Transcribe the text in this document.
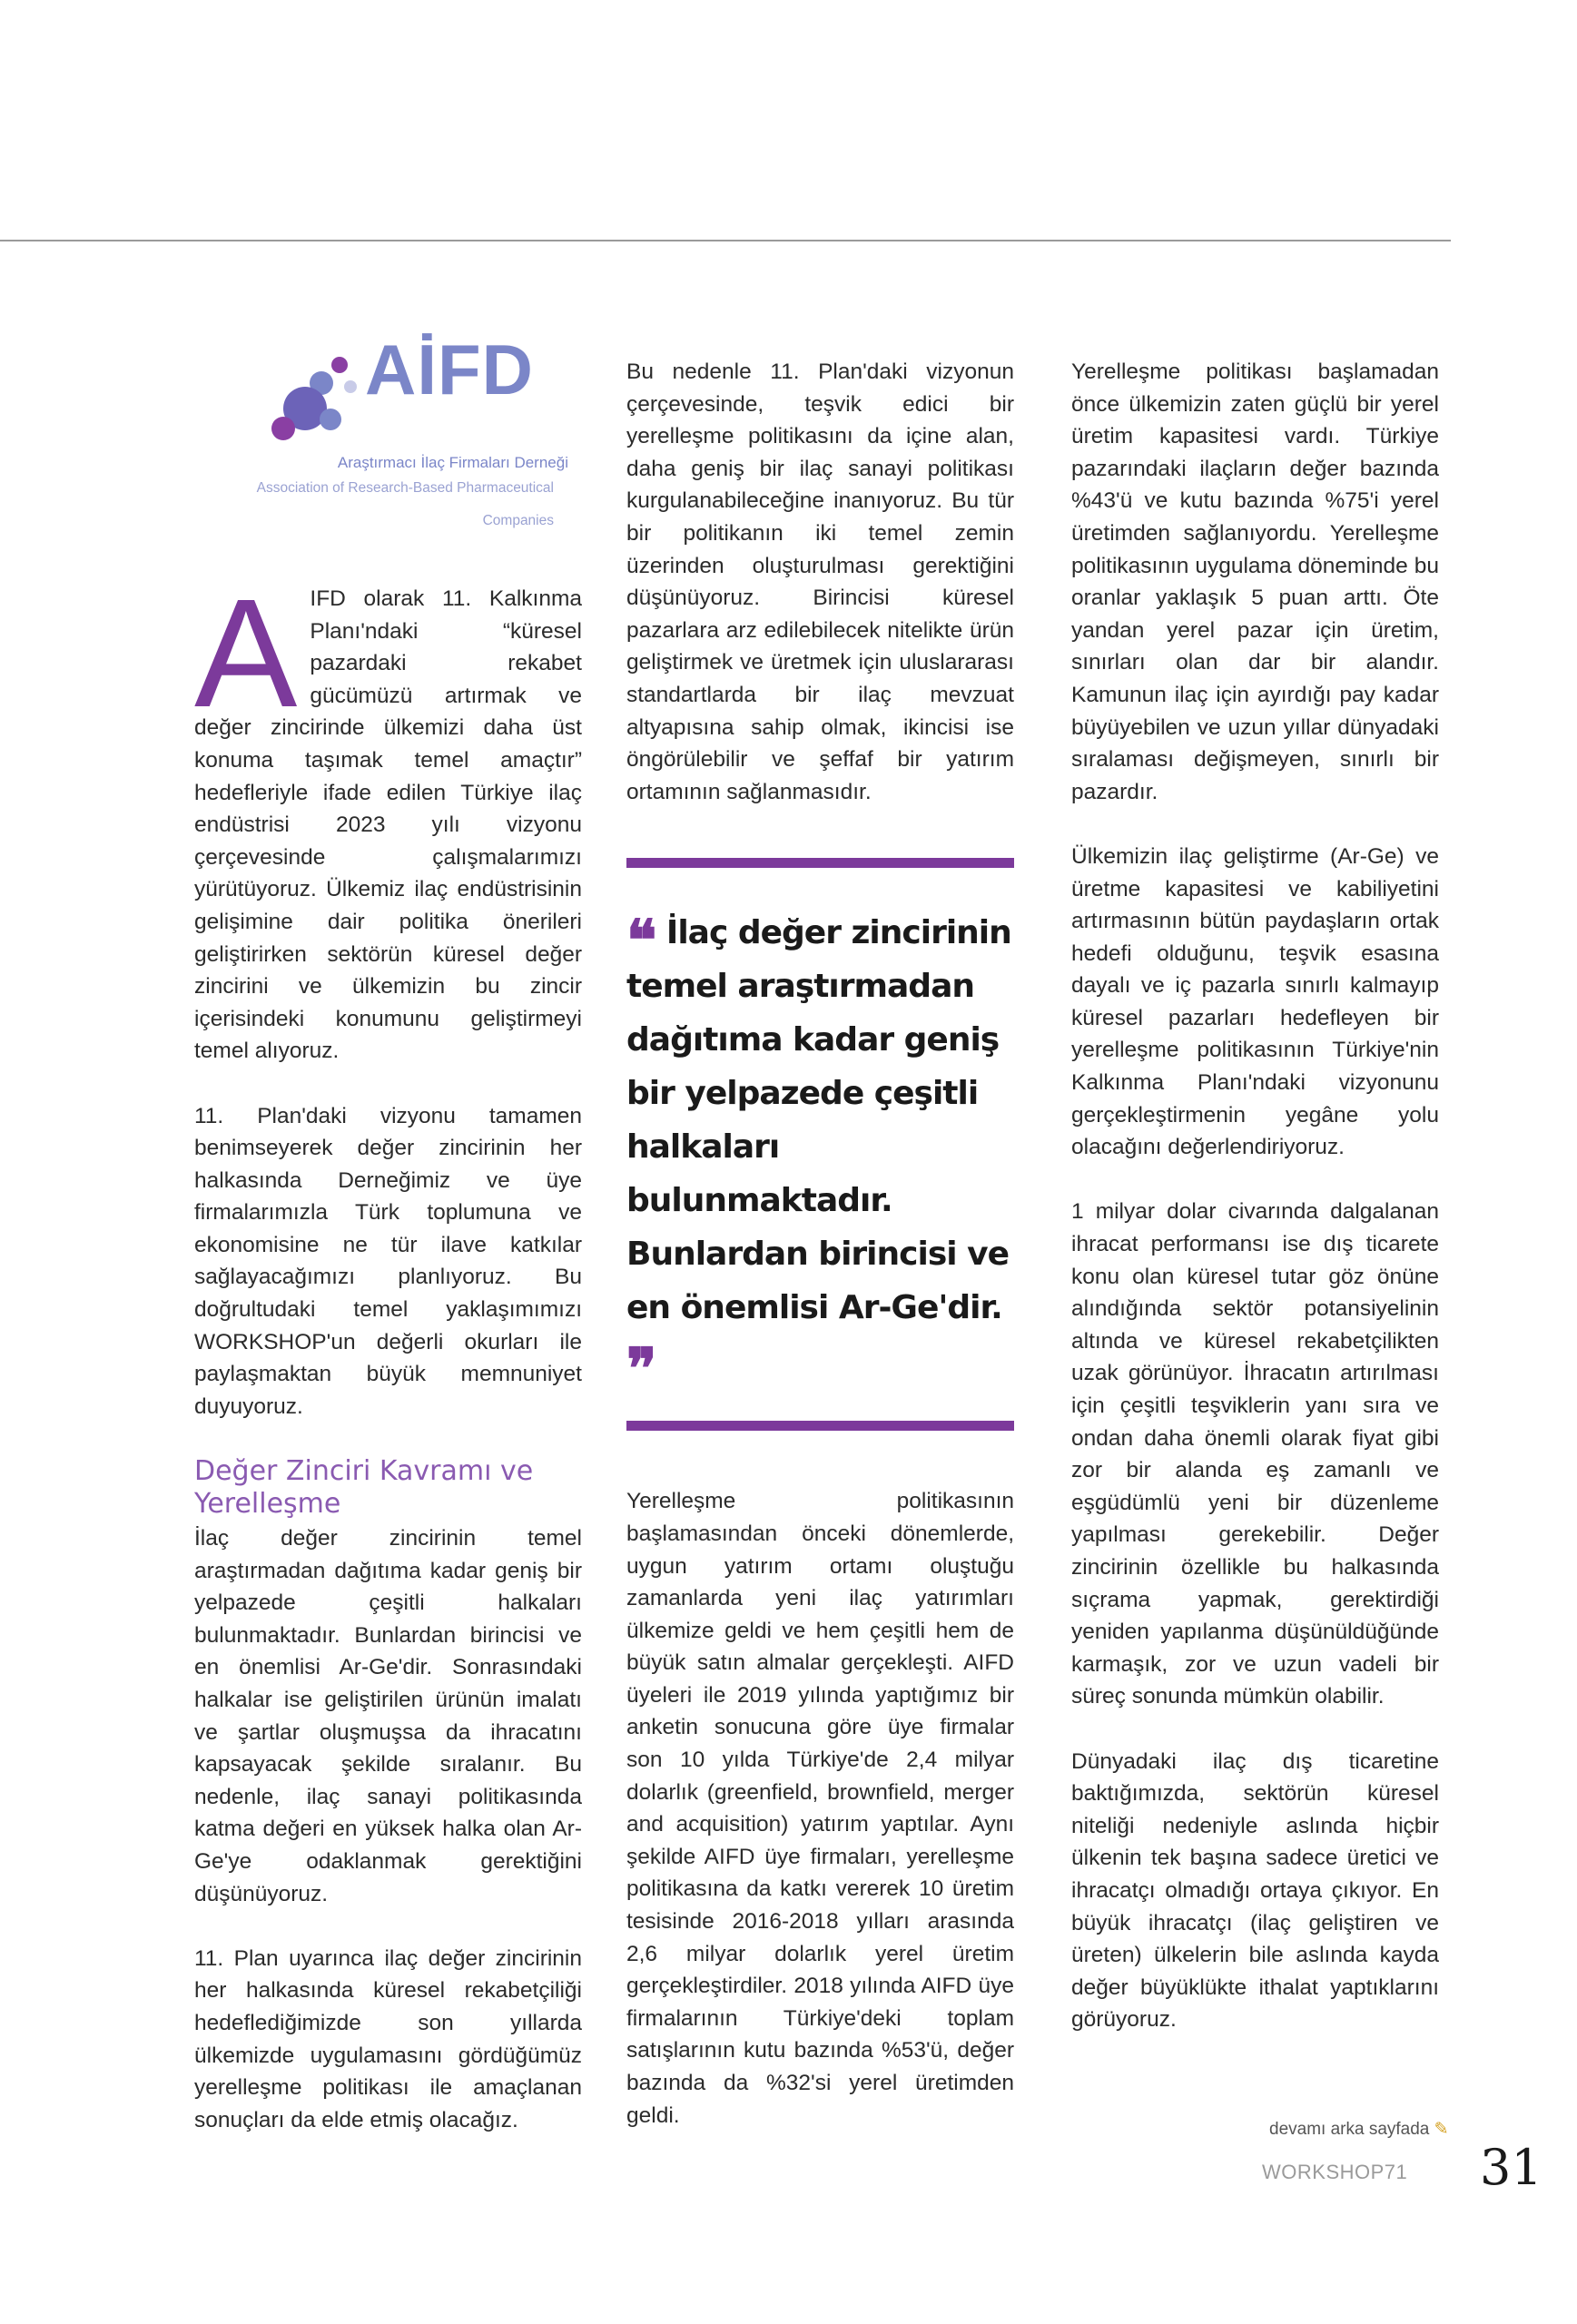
AİFD
Araştırmacı İlaç Firmaları Derneği
Association of Research-Based Pharmaceutical Companies

AIFD olarak 11. Kalkınma Planı'ndaki “küresel pazardaki rekabet gücümüzü artırmak ve değer zincirinde ülkemizi daha üst konuma taşımak temel amaçtır” hedefleriyle ifade edilen Türkiye ilaç endüstrisi 2023 yılı vizyonu çerçevesinde çalışmalarımızı yürütüyoruz. Ülkemiz ilaç endüstrisinin gelişimine dair politika önerileri geliştirirken sektörün küresel değer zincirini ve ülkemizin bu zincir içerisindeki konumunu geliştirmeyi temel alıyoruz.

11. Plan'daki vizyonu tamamen benimseyerek değer zincirinin her halkasında Derneğimiz ve üye firmalarımızla Türk toplumuna ve ekonomisine ne tür ilave katkılar sağlayacağımızı planlıyoruz. Bu doğrultudaki temel yaklaşımımızı WORKSHOP'un değerli okurları ile paylaşmaktan büyük memnuniyet duyuyoruz.

Değer Zinciri Kavramı ve Yerelleşme

İlaç değer zincirinin temel araştırmadan dağıtıma kadar geniş bir yelpazede çeşitli halkaları bulunmaktadır. Bunlardan birincisi ve en önemlisi Ar-Ge'dir. Sonrasındaki halkalar ise geliştirilen ürünün imalatı ve şartlar oluşmuşsa da ihracatını kapsayacak şekilde sıralanır. Bu nedenle, ilaç sanayi politikasında katma değeri en yüksek halka olan Ar-Ge'ye odaklanmak gerektiğini düşünüyoruz.

11. Plan uyarınca ilaç değer zincirinin her halkasında küresel rekabetçiliği hedeflediğimizde son yıllarda ülkemizde uygulamasını gördüğümüz yerelleşme politikası ile amaçlanan sonuçları da elde etmiş olacağız.

Bu nedenle 11. Plan'daki vizyonun çerçevesinde, teşvik edici bir yerelleşme politikasını da içine alan, daha geniş bir ilaç sanayi politikası kurgulanabileceğine inanıyoruz. Bu tür bir politikanın iki temel zemin üzerinden oluşturulması gerektiğini düşünüyoruz. Birincisi küresel pazarlara arz edilebilecek nitelikte ürün geliştirmek ve üretmek için uluslararası standartlarda bir ilaç mevzuat altyapısına sahip olmak, ikincisi ise öngörülebilir ve şeffaf bir yatırım ortamının sağlanmasıdır.

❝ İlaç değer zincirinin temel araştırmadan dağıtıma kadar geniş bir yelpazede çeşitli halkaları bulunmaktadır. Bunlardan birincisi ve en önemlisi Ar-Ge'dir. ❞

Yerelleşme politikasının başlamasından önceki dönemlerde, uygun yatırım ortamı oluştuğu zamanlarda yeni ilaç yatırımları ülkemize geldi ve hem çeşitli hem de büyük satın almalar gerçekleşti. AIFD üyeleri ile 2019 yılında yaptığımız bir anketin sonucuna göre üye firmalar son 10 yılda Türkiye'de 2,4 milyar dolarlık (greenfield, brownfield, merger and acquisition) yatırım yaptılar. Aynı şekilde AIFD üye firmaları, yerelleşme politikasına da katkı vererek 10 üretim tesisinde 2016-2018 yılları arasında 2,6 milyar dolarlık yerel üretim gerçekleştirdiler. 2018 yılında AIFD üye firmalarının Türkiye'deki toplam satışlarının kutu bazında %53'ü, değer bazında da %32'si yerel üretimden geldi.

Yerelleşme politikası başlamadan önce ülkemizin zaten güçlü bir yerel üretim kapasitesi vardı. Türkiye pazarındaki ilaçların değer bazında %43'ü ve kutu bazında %75'i yerel üretimden sağlanıyordu. Yerelleşme politikasının uygulama döneminde bu oranlar yaklaşık 5 puan arttı. Öte yandan yerel pazar için üretim, sınırları olan dar bir alandır. Kamunun ilaç için ayırdığı pay kadar büyüyebilen ve uzun yıllar dünyadaki sıralaması değişmeyen, sınırlı bir pazardır.

Ülkemizin ilaç geliştirme (Ar-Ge) ve üretme kapasitesi ve kabiliyetini artırmasının bütün paydaşların ortak hedefi olduğunu, teşvik esasına dayalı ve iç pazarla sınırlı kalmayıp küresel pazarları hedefleyen bir yerelleşme politikasının Türkiye'nin Kalkınma Planı'ndaki vizyonunu gerçekleştirmenin yegâne yolu olacağını değerlendiriyoruz.

1 milyar dolar civarında dalgalanan ihracat performansı ise dış ticarete konu olan küresel tutar göz önüne alındığında sektör potansiyelinin altında ve küresel rekabetçilikten uzak görünüyor. İhracatın artırılması için çeşitli teşviklerin yanı sıra ve ondan daha önemli olarak fiyat gibi zor bir alanda eş zamanlı ve eşgüdümlü yeni bir düzenleme yapılması gerekebilir. Değer zincirinin özellikle bu halkasında sıçrama yapmak, gerektirdiği yeniden yapılanma düşünüldüğünde karmaşık, zor ve uzun vadeli bir süreç sonunda mümkün olabilir.

Dünyadaki ilaç dış ticaretine baktığımızda, sektörün küresel niteliği nedeniyle aslında hiçbir ülkenin tek başına sadece üretici ve ihracatçı olmadığı ortaya çıkıyor. En büyük ihracatçı (ilaç geliştiren ve üreten) ülkelerin bile aslında kayda değer büyüklükte ithalat yaptıklarını görüyoruz.

devamı arka sayfada ✎
WORKSHOP71 31
